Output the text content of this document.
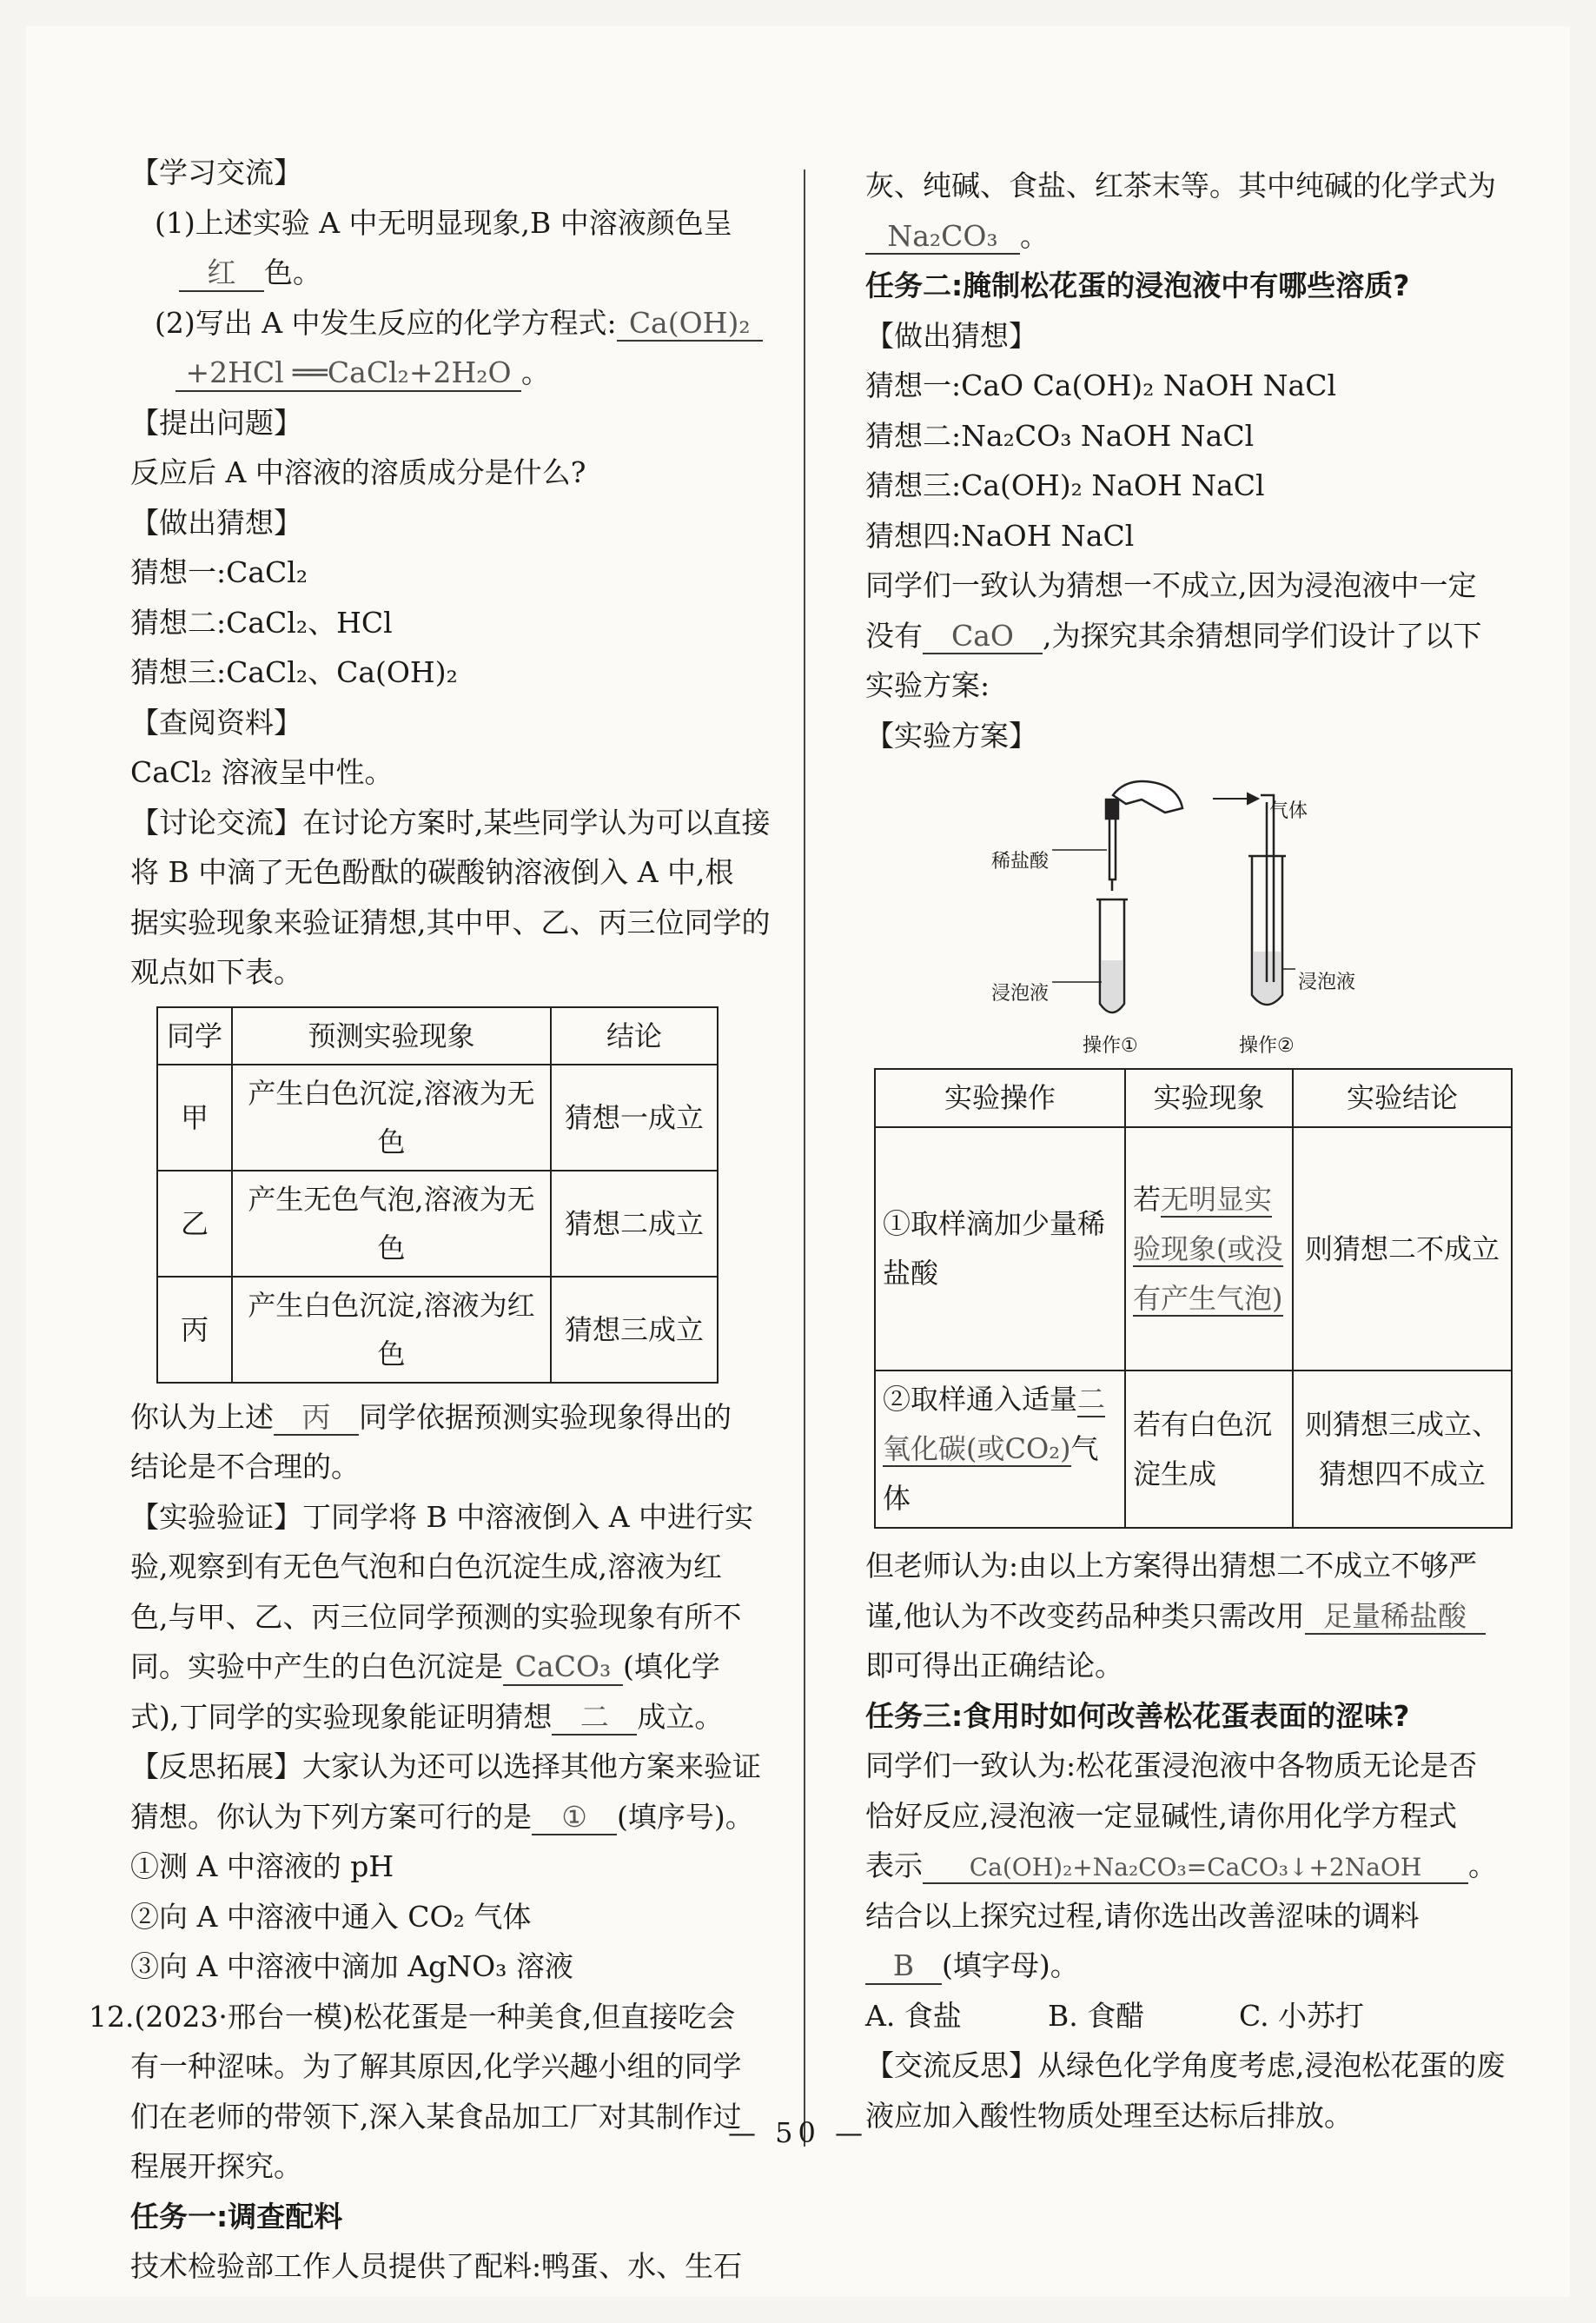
【学习交流】
(1)上述实验 A 中无明显现象,B 中溶液颜色呈
红 色。
(2)写出 A 中发生反应的化学方程式: Ca(OH)₂
+2HCl ══CaCl₂+2H₂O 。
【提出问题】
反应后 A 中溶液的溶质成分是什么?
【做出猜想】
猜想一:CaCl₂
猜想二:CaCl₂、HCl
猜想三:CaCl₂、Ca(OH)₂
【查阅资料】
CaCl₂ 溶液呈中性。
【讨论交流】在讨论方案时,某些同学认为可以直接
将 B 中滴了无色酚酞的碳酸钠溶液倒入 A 中,根
据实验现象来验证猜想,其中甲、乙、丙三位同学的
观点如下表。
同学	预测实验现象	结论
甲	产生白色沉淀,溶液为无色	猜想一成立
乙	产生无色气泡,溶液为无色	猜想二成立
丙	产生白色沉淀,溶液为红色	猜想三成立
你认为上述 丙 同学依据预测实验现象得出的
结论是不合理的。
【实验验证】丁同学将 B 中溶液倒入 A 中进行实
验,观察到有无色气泡和白色沉淀生成,溶液为红
色,与甲、乙、丙三位同学预测的实验现象有所不
同。实验中产生的白色沉淀是 CaCO₃ (填化学
式),丁同学的实验现象能证明猜想 二 成立。
【反思拓展】大家认为还可以选择其他方案来验证
猜想。你认为下列方案可行的是 ① (填序号)。
①测 A 中溶液的 pH
②向 A 中溶液中通入 CO₂ 气体
③向 A 中溶液中滴加 AgNO₃ 溶液
12.(2023·邢台一模)松花蛋是一种美食,但直接吃会
有一种涩味。为了解其原因,化学兴趣小组的同学
们在老师的带领下,深入某食品加工厂对其制作过
程展开探究。
任务一:调查配料
技术检验部工作人员提供了配料:鸭蛋、水、生石
灰、纯碱、食盐、红茶末等。其中纯碱的化学式为
Na₂CO₃ 。
任务二:腌制松花蛋的浸泡液中有哪些溶质?
【做出猜想】
猜想一:CaO Ca(OH)₂ NaOH NaCl
猜想二:Na₂CO₃ NaOH NaCl
猜想三:Ca(OH)₂ NaOH NaCl
猜想四:NaOH NaCl
同学们一致认为猜想一不成立,因为浸泡液中一定
没有 CaO ,为探究其余猜想同学们设计了以下
实验方案:
【实验方案】
稀盐酸
浸泡液
操作①
气体
浸泡液
操作②
实验操作	实验现象	实验结论
①取样滴加少量稀盐酸	若无明显实验现象(或没有产生气泡)	则猜想二不成立
②取样通入适量二氧化碳(或CO₂)气体	若有白色沉淀生成	则猜想三成立、猜想四不成立
但老师认为:由以上方案得出猜想二不成立不够严
谨,他认为不改变药品种类只需改用 足量稀盐酸
即可得出正确结论。
任务三:食用时如何改善松花蛋表面的涩味?
同学们一致认为:松花蛋浸泡液中各物质无论是否
恰好反应,浸泡液一定显碱性,请你用化学方程式
表示 Ca(OH)₂+Na₂CO₃=CaCO₃↓+2NaOH 。
结合以上探究过程,请你选出改善涩味的调料
B (填字母)。
A. 食盐	B. 食醋	C. 小苏打
【交流反思】从绿色化学角度考虑,浸泡松花蛋的废
液应加入酸性物质处理至达标后排放。
— 50 —
